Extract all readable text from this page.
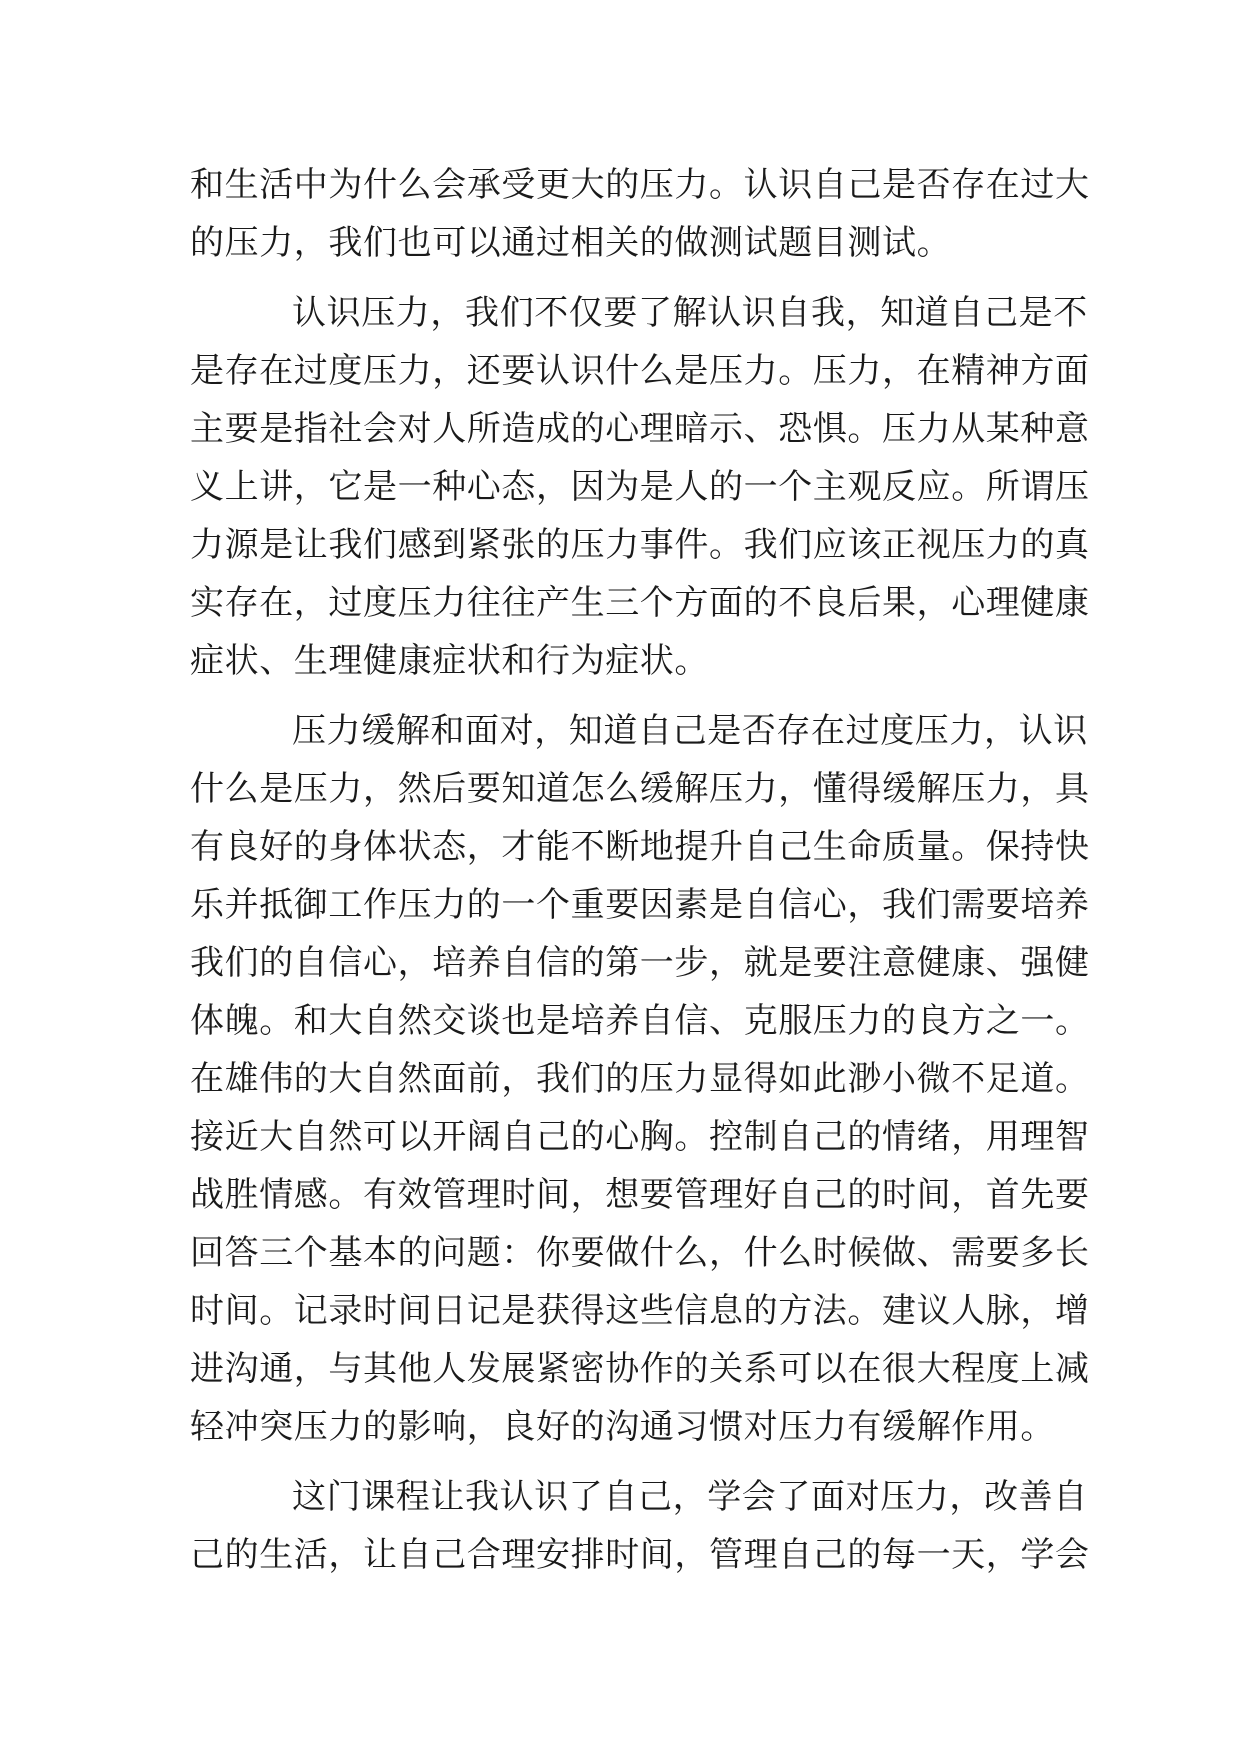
和生活中为什么会承受更大的压力。认识自己是否存在过大
的压力，我们也可以通过相关的做测试题目测试。
认识压力，我们不仅要了解认识自我，知道自己是不
是存在过度压力，还要认识什么是压力。压力，在精神方面
主要是指社会对人所造成的心理暗示、恐惧。压力从某种意
义上讲，它是一种心态，因为是人的一个主观反应。所谓压
力源是让我们感到紧张的压力事件。我们应该正视压力的真
实存在，过度压力往往产生三个方面的不良后果，心理健康
症状、生理健康症状和行为症状。
压力缓解和面对，知道自己是否存在过度压力，认识
什么是压力，然后要知道怎么缓解压力，懂得缓解压力，具
有良好的身体状态，才能不断地提升自己生命质量。保持快
乐并抵御工作压力的一个重要因素是自信心，我们需要培养
我们的自信心，培养自信的第一步，就是要注意健康、强健
体魄。和大自然交谈也是培养自信、克服压力的良方之一。
在雄伟的大自然面前，我们的压力显得如此渺小微不足道。
接近大自然可以开阔自己的心胸。控制自己的情绪，用理智
战胜情感。有效管理时间，想要管理好自己的时间，首先要
回答三个基本的问题：你要做什么，什么时候做、需要多长
时间。记录时间日记是获得这些信息的方法。建议人脉，增
进沟通，与其他人发展紧密协作的关系可以在很大程度上减
轻冲突压力的影响，良好的沟通习惯对压力有缓解作用。
这门课程让我认识了自己，学会了面对压力，改善自
己的生活，让自己合理安排时间，管理自己的每一天，学会
